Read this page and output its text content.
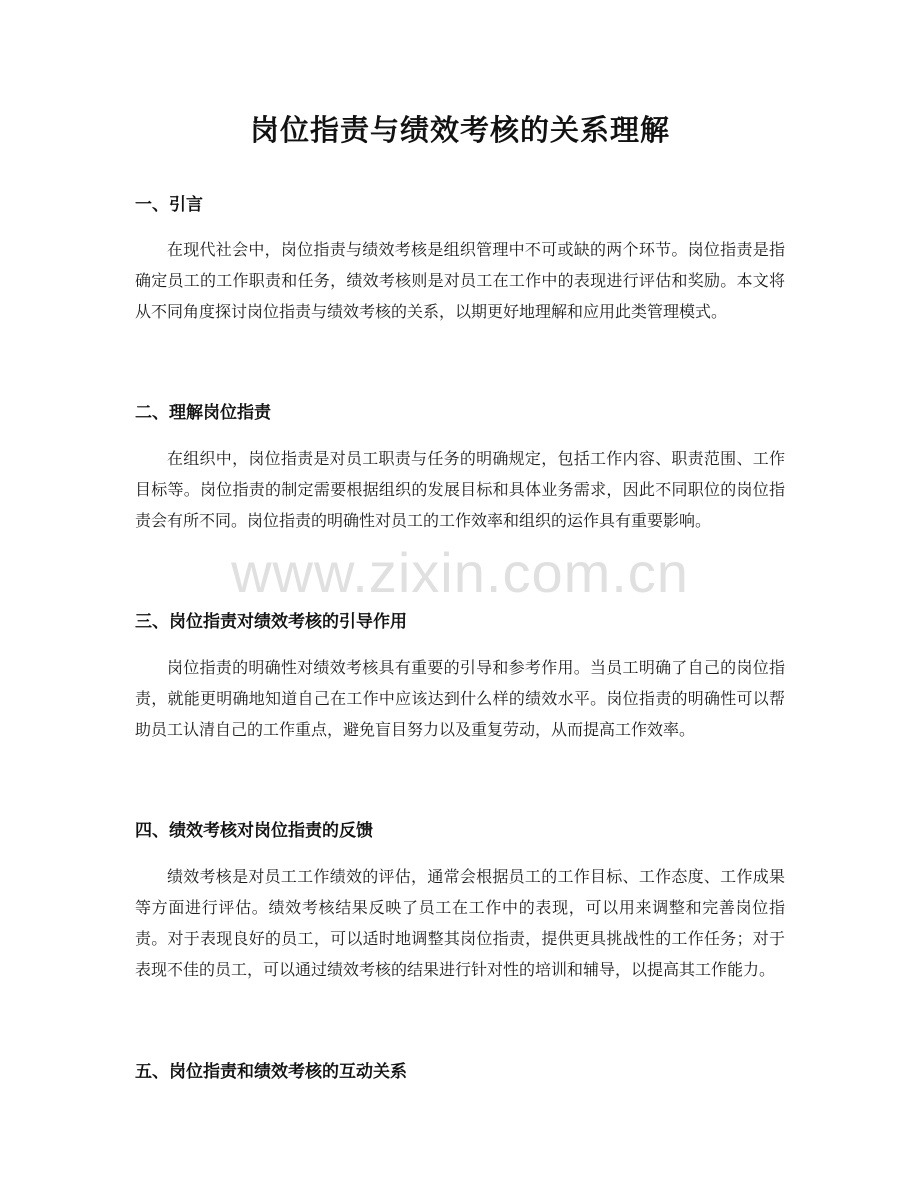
岗位指责与绩效考核的关系理解
一、引言

在现代社会中，岗位指责与绩效考核是组织管理中不可或缺的两个环节。岗位指责是指确定员工的工作职责和任务，绩效考核则是对员工在工作中的表现进行评估和奖励。本文将从不同角度探讨岗位指责与绩效考核的关系，以期更好地理解和应用此类管理模式。

二、理解岗位指责

在组织中，岗位指责是对员工职责与任务的明确规定，包括工作内容、职责范围、工作目标等。岗位指责的制定需要根据组织的发展目标和具体业务需求，因此不同职位的岗位指责会有所不同。岗位指责的明确性对员工的工作效率和组织的运作具有重要影响。

三、岗位指责对绩效考核的引导作用

岗位指责的明确性对绩效考核具有重要的引导和参考作用。当员工明确了自己的岗位指责，就能更明确地知道自己在工作中应该达到什么样的绩效水平。岗位指责的明确性可以帮助员工认清自己的工作重点，避免盲目努力以及重复劳动，从而提高工作效率。

四、绩效考核对岗位指责的反馈

绩效考核是对员工工作绩效的评估，通常会根据员工的工作目标、工作态度、工作成果等方面进行评估。绩效考核结果反映了员工在工作中的表现，可以用来调整和完善岗位指责。对于表现良好的员工，可以适时地调整其岗位指责，提供更具挑战性的工作任务；对于表现不佳的员工，可以通过绩效考核的结果进行针对性的培训和辅导，以提高其工作能力。

五、岗位指责和绩效考核的互动关系
www.zixin.com.cn
